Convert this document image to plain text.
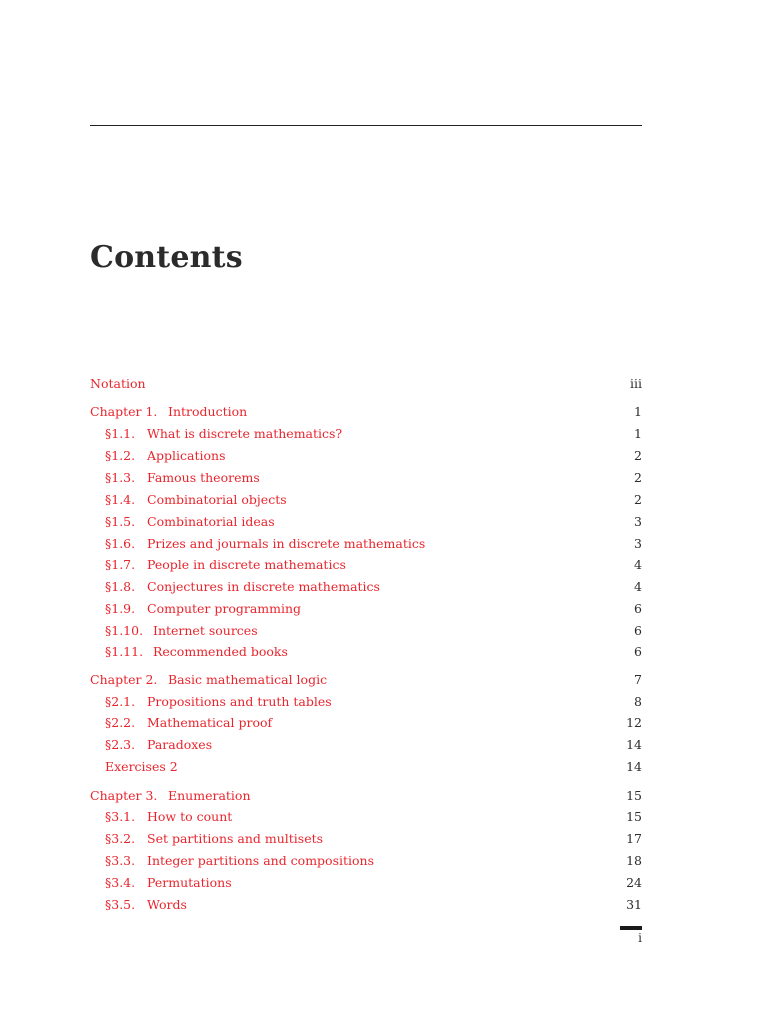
Contents
Notation	iii
Chapter 1. Introduction	1
§1.1. What is discrete mathematics?	1
§1.2. Applications	2
§1.3. Famous theorems	2
§1.4. Combinatorial objects	2
§1.5. Combinatorial ideas	3
§1.6. Prizes and journals in discrete mathematics	3
§1.7. People in discrete mathematics	4
§1.8. Conjectures in discrete mathematics	4
§1.9. Computer programming	6
§1.10. Internet sources	6
§1.11. Recommended books	6
Chapter 2. Basic mathematical logic	7
§2.1. Propositions and truth tables	8
§2.2. Mathematical proof	12
§2.3. Paradoxes	14
Exercises 2	14
Chapter 3. Enumeration	15
§3.1. How to count	15
§3.2. Set partitions and multisets	17
§3.3. Integer partitions and compositions	18
§3.4. Permutations	24
§3.5. Words	31
i
